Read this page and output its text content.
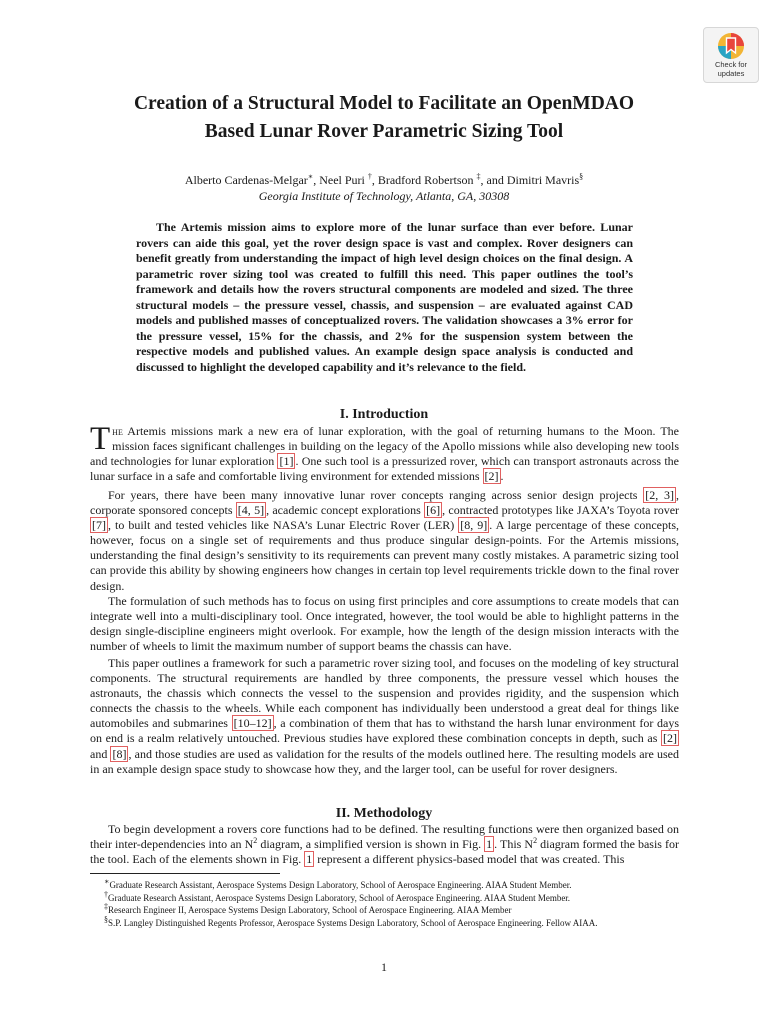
Check for
updates
Creation of a Structural Model to Facilitate an OpenMDAO
Based Lunar Rover Parametric Sizing Tool
Alberto Cardenas-Melgar∗, Neel Puri †, Bradford Robertson ‡, and Dimitri Mavris§
Georgia Institute of Technology, Atlanta, GA, 30308

The Artemis mission aims to explore more of the lunar surface than ever before. Lunar rovers can aide this goal, yet the rover design space is vast and complex. Rover designers can benefit greatly from understanding the impact of high level design choices on the final design. A parametric rover sizing tool was created to fulfill this need. This paper outlines the tool’s framework and details how the rovers structural components are modeled and sized. The three structural models – the pressure vessel, chassis, and suspension – are evaluated against CAD models and published masses of conceptualized rovers. The validation showcases a 3% error for the pressure vessel, 15% for the chassis, and 2% for the suspension system between the respective models and published values. An example design space analysis is conducted and discussed to highlight the developed capability and it’s relevance to the field.

I. Introduction

The Artemis missions mark a new era of lunar exploration, with the goal of returning humans to the Moon. The mission faces significant challenges in building on the legacy of the Apollo missions while also developing new tools and technologies for lunar exploration [1] . One such tool is a pressurized rover, which can transport astronauts across the lunar surface in a safe and comfortable living environment for extended missions [2] .

For years, there have been many innovative lunar rover concepts ranging across senior design projects [2, 3] , corporate sponsored concepts [4, 5] , academic concept explorations [6] , contracted prototypes like JAXA’s Toyota rover [7] , to built and tested vehicles like NASA’s Lunar Electric Rover (LER) [8, 9] . A large percentage of these concepts, however, focus on a single set of requirements and thus produce singular design-points. For the Artemis missions, understanding the final design’s sensitivity to its requirements can prevent many costly mistakes. A parametric sizing tool can provide this ability by showing engineers how changes in certain top level requirements trickle down to the final rover design.

The formulation of such methods has to focus on using first principles and core assumptions to create models that can integrate well into a multi-disciplinary tool. Once integrated, however, the tool would be able to highlight patterns in the design single-discipline engineers might overlook. For example, how the length of the design mission interacts with the number of wheels to limit the maximum number of support beams the chassis can have.

This paper outlines a framework for such a parametric rover sizing tool, and focuses on the modeling of key structural components. The structural requirements are handled by three components, the pressure vessel which houses the astronauts, the chassis which connects the vessel to the suspension and provides rigidity, and the suspension which connects the chassis to the wheels. While each component has individually been understood a great deal for things like automobiles and submarines [10–12] , a combination of them that has to withstand the harsh lunar environment for days on end is a realm relatively untouched. Previous studies have explored these combination concepts in depth, such as [2] and [8] , and those studies are used as validation for the results of the models outlined here. The resulting models are used in an example design space study to showcase how they, and the larger tool, can be useful for rover designers.

II. Methodology

To begin development a rovers core functions had to be defined. The resulting functions were then organized based on their inter-dependencies into an $N^2$ diagram, a simplified version is shown in Fig. 1 . This $N^2$ diagram formed the basis for the tool. Each of the elements shown in Fig. 1 represent a different physics-based model that was created. This

∗Graduate Research Assistant, Aerospace Systems Design Laboratory, School of Aerospace Engineering. AIAA Student Member.
†Graduate Research Assistant, Aerospace Systems Design Laboratory, School of Aerospace Engineering. AIAA Student Member.
‡Research Engineer II, Aerospace Systems Design Laboratory, School of Aerospace Engineering. AIAA Member
§S.P. Langley Distinguished Regents Professor, Aerospace Systems Design Laboratory, School of Aerospace Engineering. Fellow AIAA.
1
